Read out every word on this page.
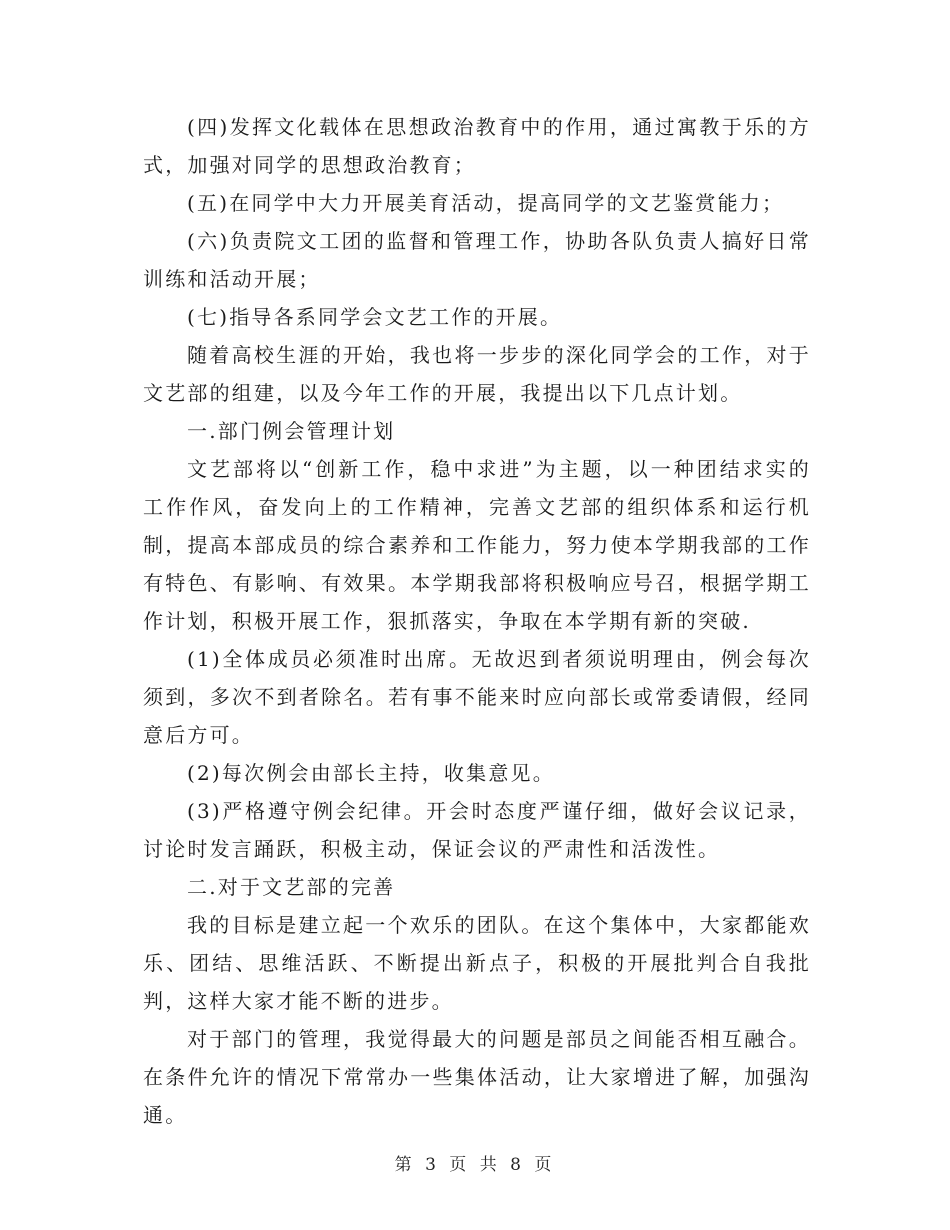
(四)发挥文化载体在思想政治教育中的作用，通过寓教于乐的方式，加强对同学的思想政治教育；

(五)在同学中大力开展美育活动，提高同学的文艺鉴赏能力；

(六)负责院文工团的监督和管理工作，协助各队负责人搞好日常训练和活动开展；

(七)指导各系同学会文艺工作的开展。

随着高校生涯的开始，我也将一步步的深化同学会的工作，对于文艺部的组建，以及今年工作的开展，我提出以下几点计划。

一.部门例会管理计划

文艺部将以“创新工作，稳中求进”为主题，以一种团结求实的工作作风，奋发向上的工作精神，完善文艺部的组织体系和运行机制，提高本部成员的综合素养和工作能力，努力使本学期我部的工作有特色、有影响、有效果。本学期我部将积极响应号召，根据学期工作计划，积极开展工作，狠抓落实，争取在本学期有新的突破.

(1)全体成员必须准时出席。无故迟到者须说明理由，例会每次须到，多次不到者除名。若有事不能来时应向部长或常委请假，经同意后方可。

(2)每次例会由部长主持，收集意见。

(3)严格遵守例会纪律。开会时态度严谨仔细，做好会议记录，讨论时发言踊跃，积极主动，保证会议的严肃性和活泼性。

二.对于文艺部的完善

我的目标是建立起一个欢乐的团队。在这个集体中，大家都能欢乐、团结、思维活跃、不断提出新点子，积极的开展批判合自我批判，这样大家才能不断的进步。

对于部门的管理，我觉得最大的问题是部员之间能否相互融合。在条件允许的情况下常常办一些集体活动，让大家增进了解，加强沟通。

第 3 页 共 8 页
